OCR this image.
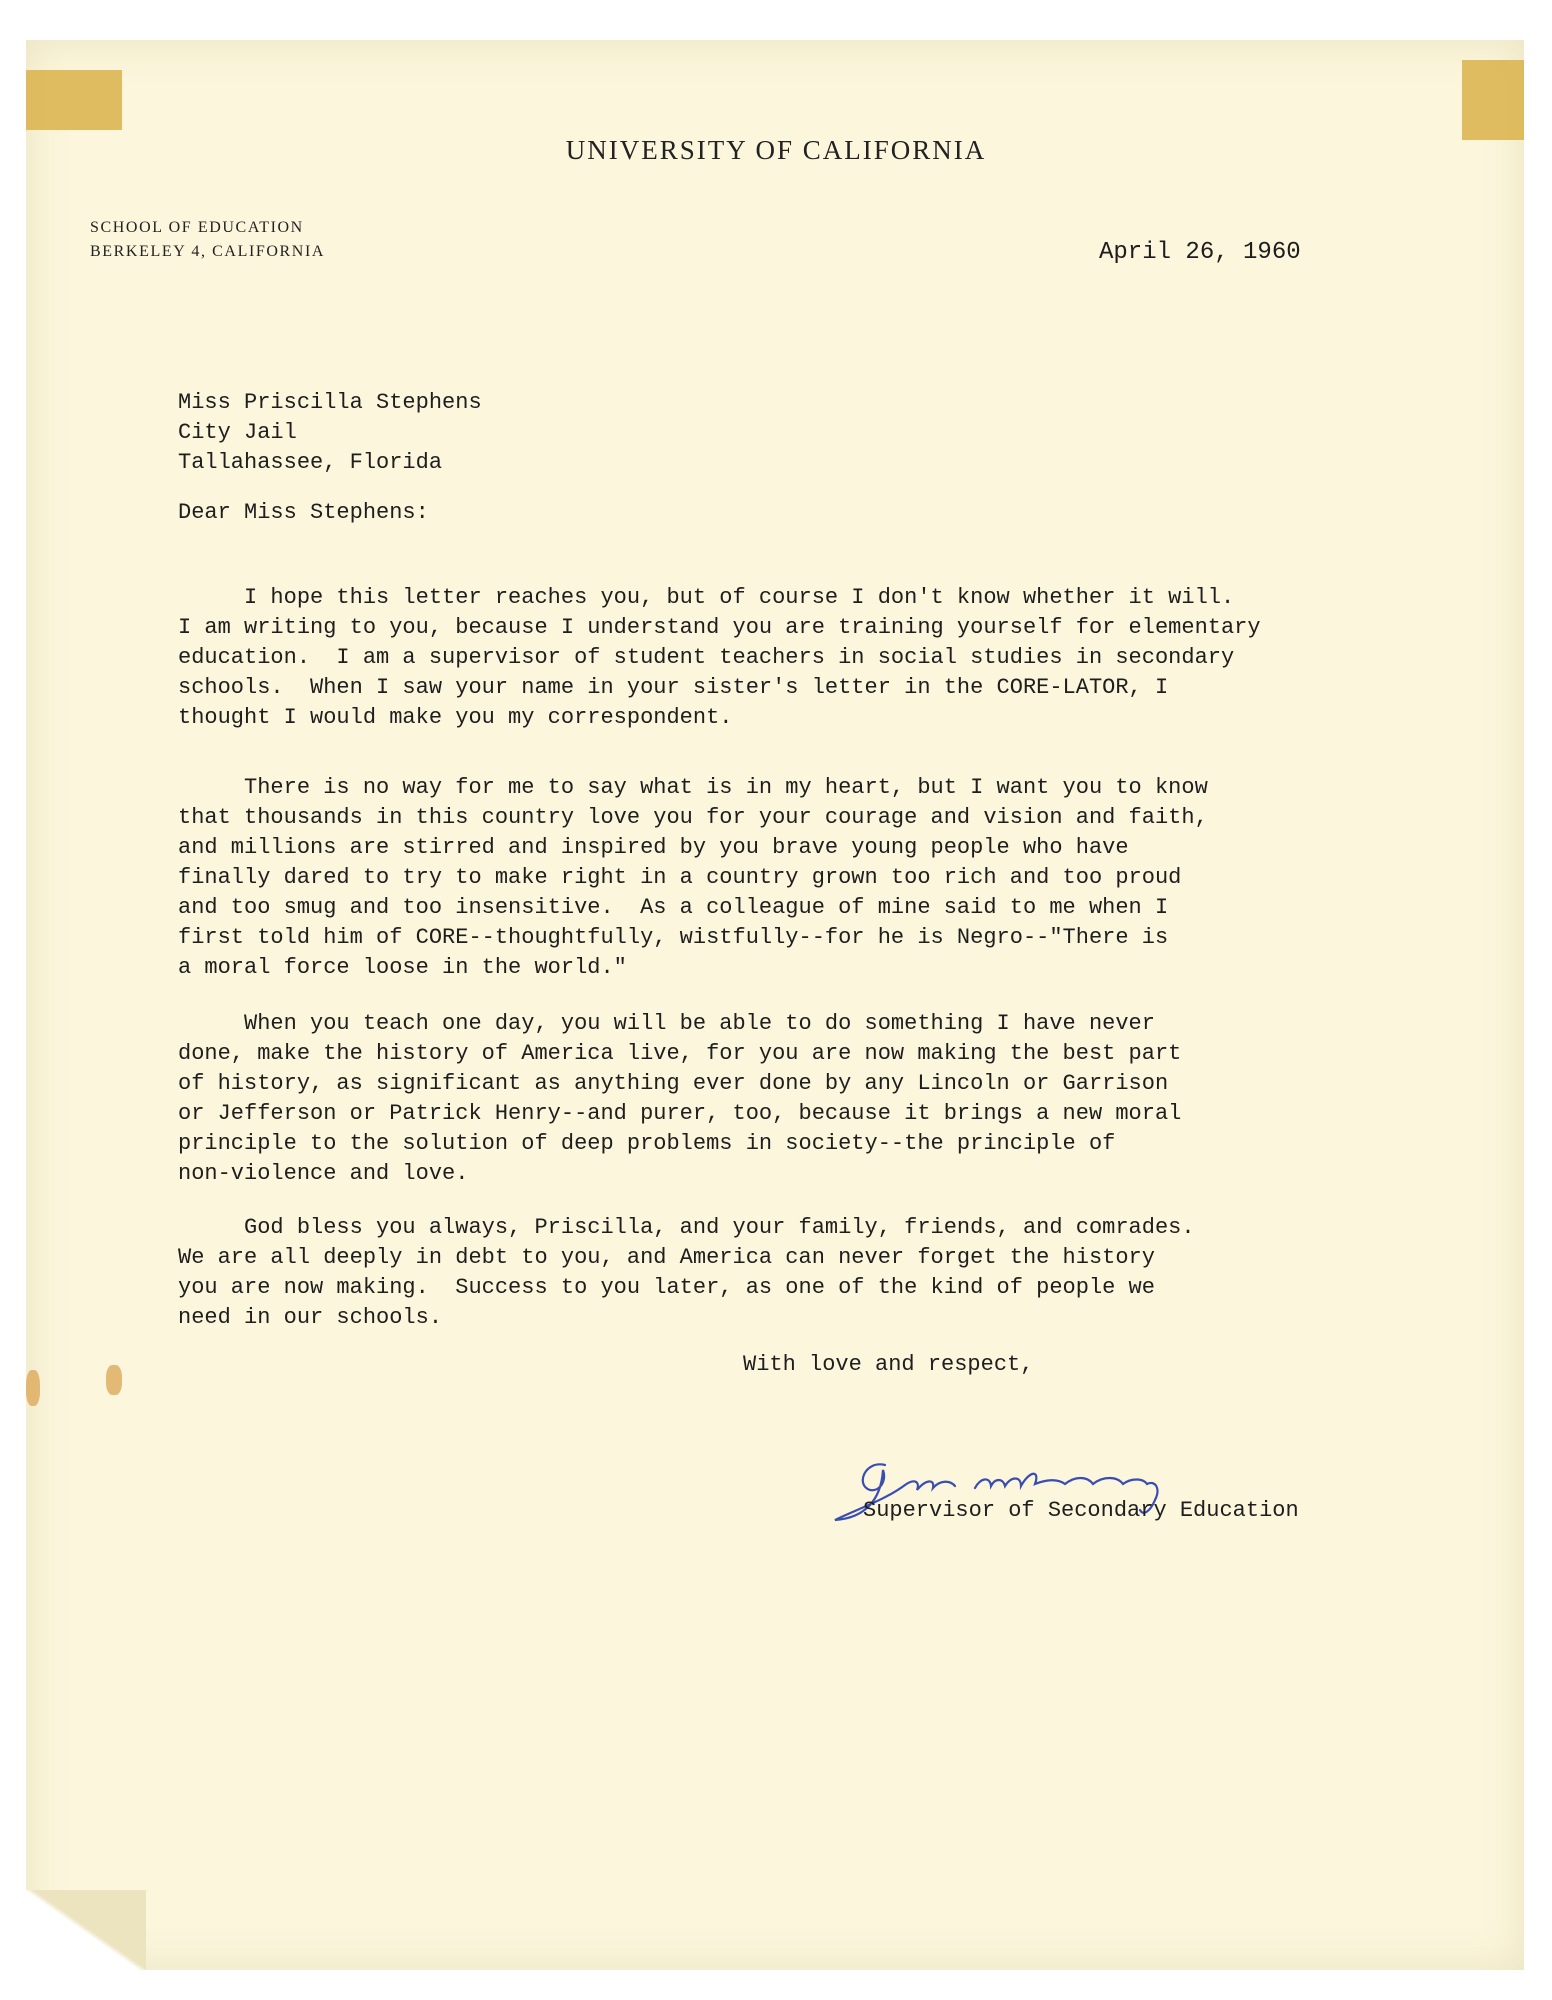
UNIVERSITY OF CALIFORNIA
SCHOOL OF EDUCATION
BERKELEY 4, CALIFORNIA	April 26, 1960
Miss Priscilla Stephens
City Jail
Tallahassee, Florida
Dear Miss Stephens:
I hope this letter reaches you, but of course I don't know whether it will.
I am writing to you, because I understand you are training yourself for elementary
education.  I am a supervisor of student teachers in social studies in secondary
schools.  When I saw your name in your sister's letter in the CORE-LATOR, I
thought I would make you my correspondent.
There is no way for me to say what is in my heart, but I want you to know
that thousands in this country love you for your courage and vision and faith,
and millions are stirred and inspired by you brave young people who have
finally dared to try to make right in a country grown too rich and too proud
and too smug and too insensitive.  As a colleague of mine said to me when I
first told him of CORE--thoughtfully, wistfully--for he is Negro--"There is
a moral force loose in the world."
When you teach one day, you will be able to do something I have never
done, make the history of America live, for you are now making the best part
of history, as significant as anything ever done by any Lincoln or Garrison
or Jefferson or Patrick Henry--and purer, too, because it brings a new moral
principle to the solution of deep problems in society--the principle of
non-violence and love.
God bless you always, Priscilla, and your family, friends, and comrades.
We are all deeply in debt to you, and America can never forget the history
you are now making.  Success to you later, as one of the kind of people we
need in our schools.
With love and respect,
Supervisor of Secondary Education
